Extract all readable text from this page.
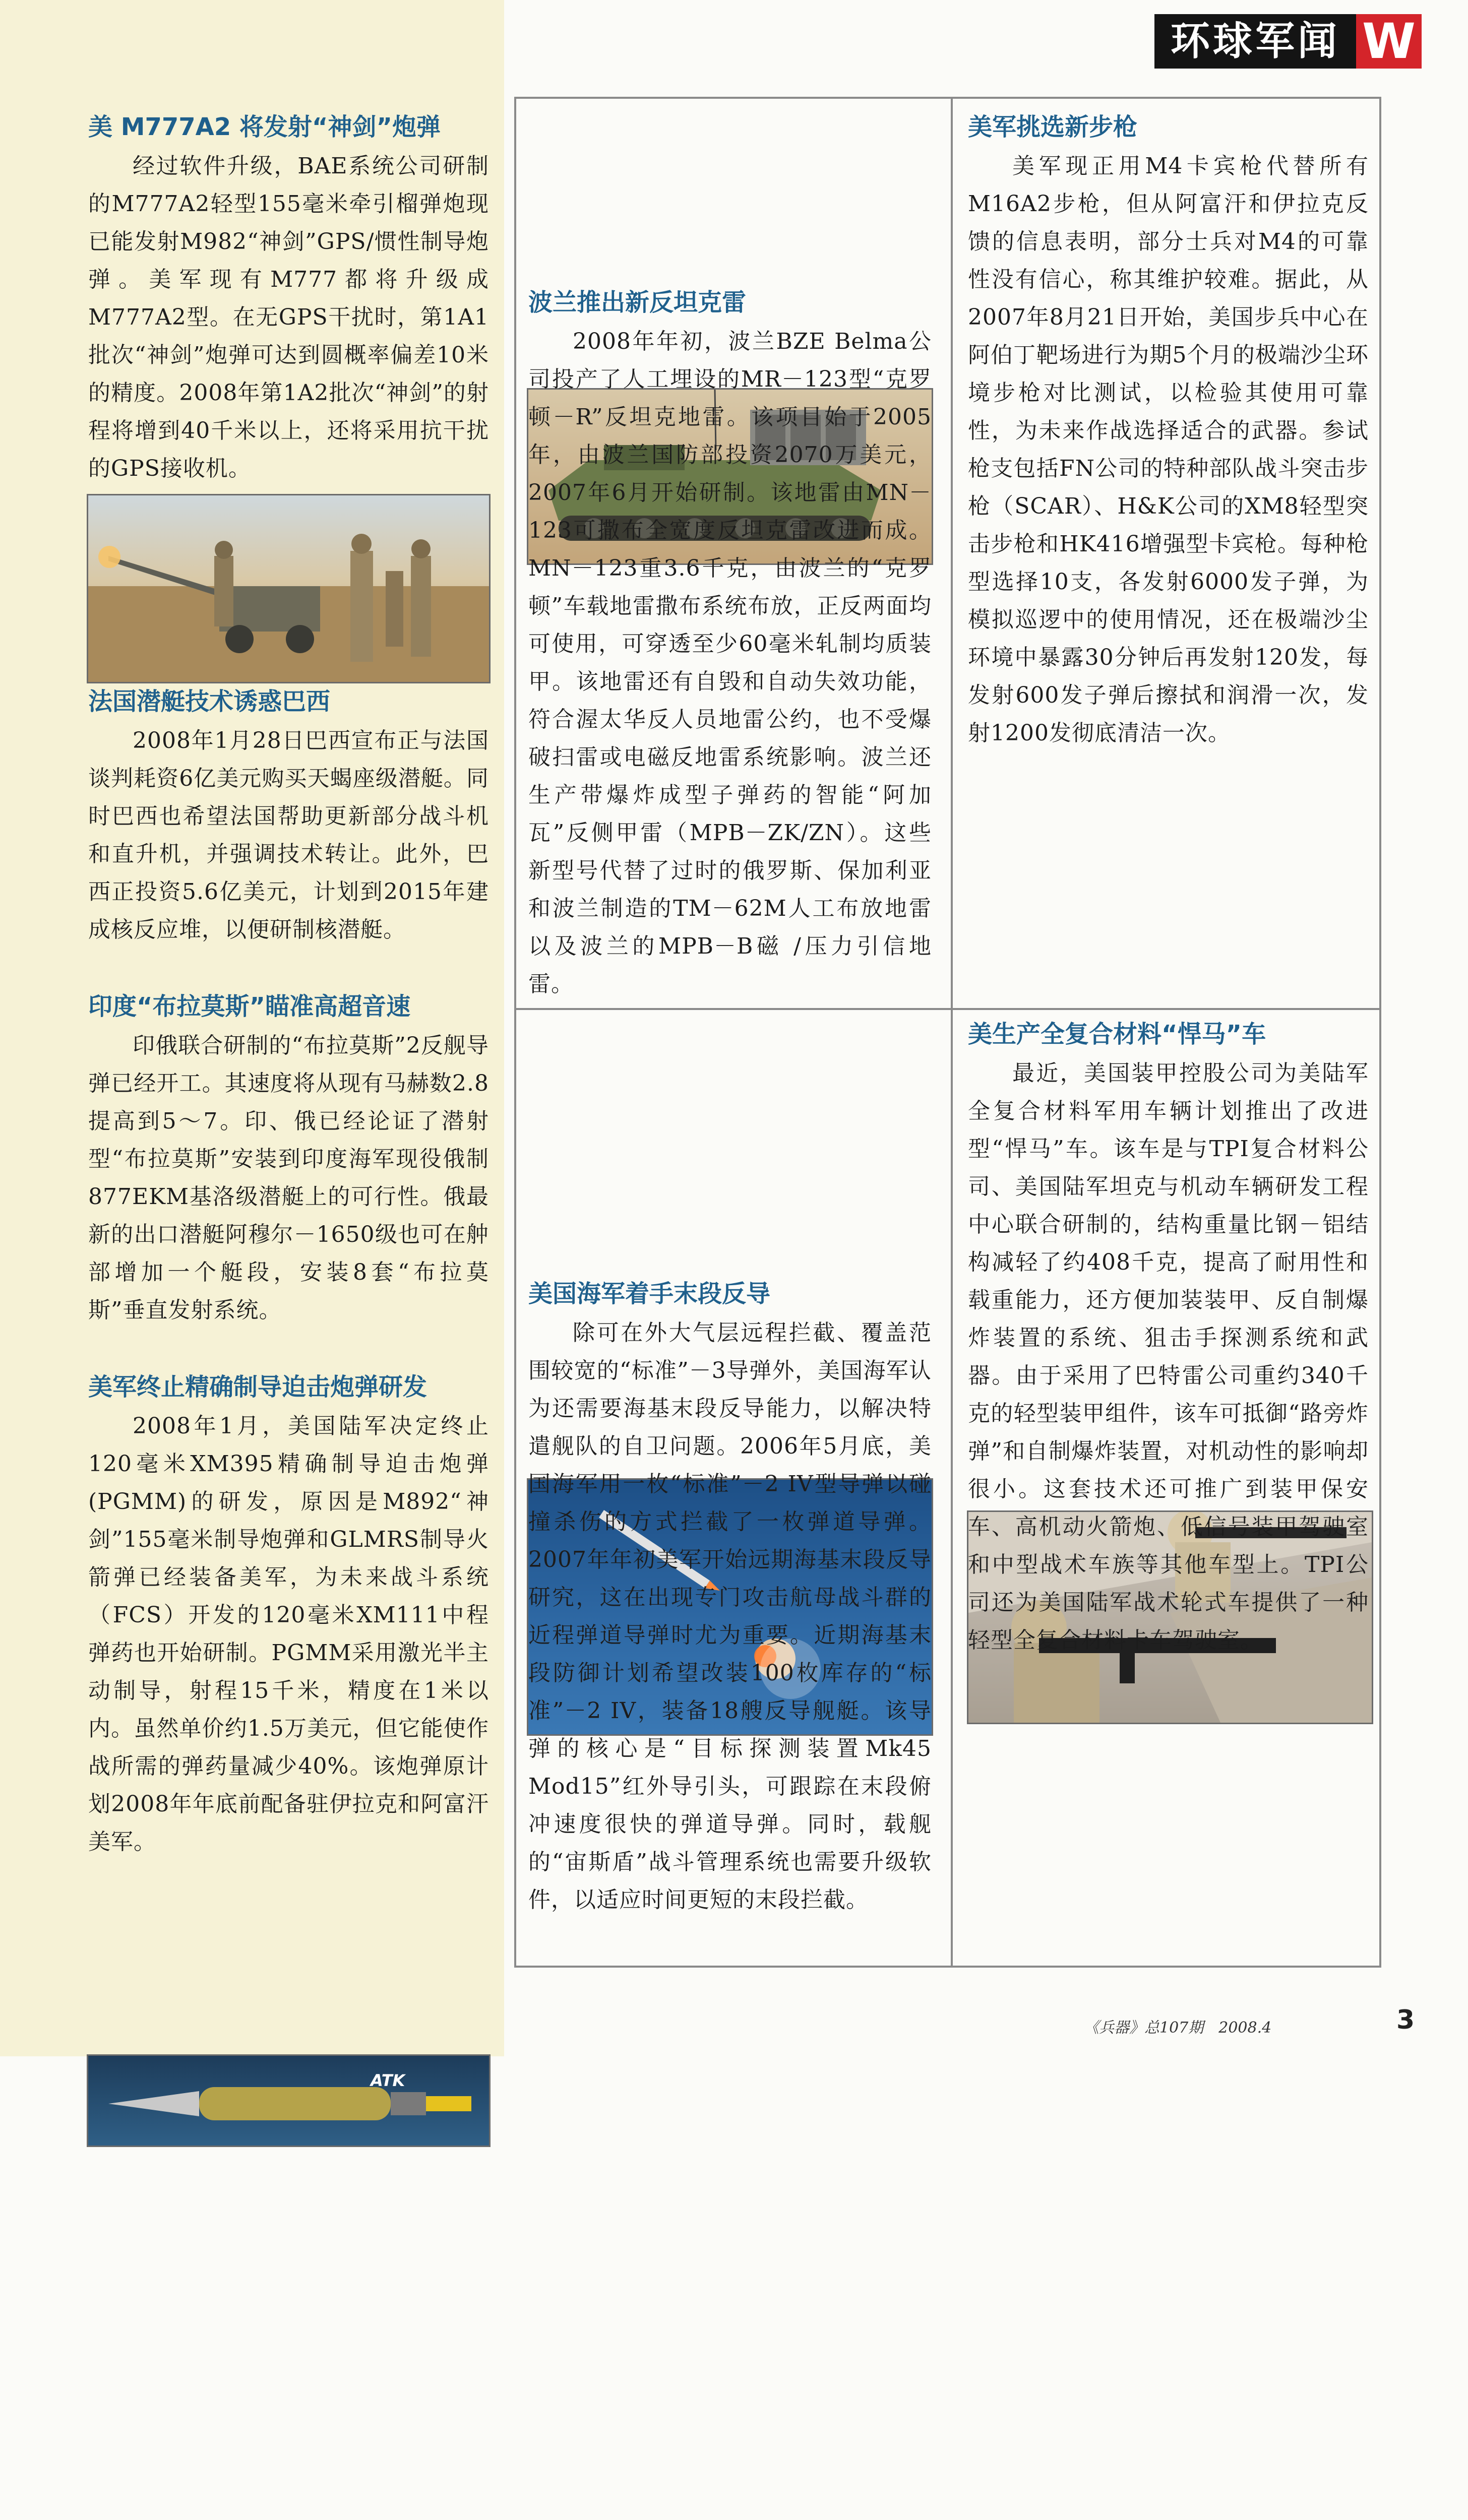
环球军闻 W
美 M777A2 将发射“神剑”炮弹

经过软件升级，BAE系统公司研制的M777A2轻型155毫米牵引榴弹炮现已能发射M982“神剑”GPS/惯性制导炮弹。美军现有M777都将升级成M777A2型。在无GPS干扰时，第1A1批次“神剑”炮弹可达到圆概率偏差10米的精度。2008年第1A2批次“神剑”的射程将增到40千米以上，还将采用抗干扰的GPS接收机。

法国潜艇技术诱惑巴西

2008年1月28日巴西宣布正与法国谈判耗资6亿美元购买天蝎座级潜艇。同时巴西也希望法国帮助更新部分战斗机和直升机，并强调技术转让。此外，巴西正投资5.6亿美元，计划到2015年建成核反应堆，以便研制核潜艇。

印度“布拉莫斯”瞄准高超音速

印俄联合研制的“布拉莫斯”2反舰导弹已经开工。其速度将从现有马赫数2.8提高到5～7。印、俄已经论证了潜射型“布拉莫斯”安装到印度海军现役俄制877EKM基洛级潜艇上的可行性。俄最新的出口潜艇阿穆尔－1650级也可在舯部增加一个艇段，安装8套“布拉莫斯”垂直发射系统。

美军终止精确制导迫击炮弹研发

2008年1月，美国陆军决定终止120毫米XM395精确制导迫击炮弹(PGMM)的研发，原因是M892“神剑”155毫米制导炮弹和GLMRS制导火箭弹已经装备美军，为未来战斗系统（FCS）开发的120毫米XM111中程弹药也开始研制。PGMM采用激光半主动制导，射程15千米，精度在1米以内。虽然单价约1.5万美元，但它能使作战所需的弹药量减少40%。该炮弹原计划2008年年底前配备驻伊拉克和阿富汗美军。

ATK
波兰推出新反坦克雷

2008年年初，波兰BZE Belma公司投产了人工埋设的MR－123型“克罗顿－R”反坦克地雷。该项目始于2005年，由波兰国防部投资2070万美元，2007年6月开始研制。该地雷由MN－123可撒布全宽度反坦克雷改进而成。MN－123重3.6千克，由波兰的“克罗顿”车载地雷撒布系统布放，正反两面均可使用，可穿透至少60毫米轧制均质装甲。该地雷还有自毁和自动失效功能，符合渥太华反人员地雷公约，也不受爆破扫雷或电磁反地雷系统影响。波兰还生产带爆炸成型子弹药的智能“阿加瓦”反侧甲雷（MPB－ZK/ZN）。这些新型号代替了过时的俄罗斯、保加利亚和波兰制造的TM－62M人工布放地雷以及波兰的MPB－B磁 /压力引信地雷。

美国海军着手末段反导

除可在外大气层远程拦截、覆盖范围较宽的“标准”－3导弹外，美国海军认为还需要海基末段反导能力，以解决特遣舰队的自卫问题。2006年5月底，美国海军用一枚“标准”－2 IV型导弹以碰撞杀伤的方式拦截了一枚弹道导弹。2007年年初美军开始远期海基末段反导研究，这在出现专门攻击航母战斗群的近程弹道导弹时尤为重要。近期海基末段防御计划希望改装100枚库存的“标准”－2 IV，装备18艘反导舰艇。该导弹的核心是“目标探测装置Mk45 Mod15”红外导引头，可跟踪在末段俯冲速度很快的弹道导弹。同时，载舰的“宙斯盾”战斗管理系统也需要升级软件，以适应时间更短的末段拦截。

美军挑选新步枪

美军现正用M4卡宾枪代替所有M16A2步枪，但从阿富汗和伊拉克反馈的信息表明，部分士兵对M4的可靠性没有信心，称其维护较难。据此，从2007年8月21日开始，美国步兵中心在阿伯丁靶场进行为期5个月的极端沙尘环境步枪对比测试，以检验其使用可靠性，为未来作战选择适合的武器。参试枪支包括FN公司的特种部队战斗突击步枪（SCAR）、H&K公司的XM8轻型突击步枪和HK416增强型卡宾枪。每种枪型选择10支，各发射6000发子弹，为模拟巡逻中的使用情况，还在极端沙尘环境中暴露30分钟后再发射120发，每发射600发子弹后擦拭和润滑一次，发射1200发彻底清洁一次。

美生产全复合材料“悍马”车

最近，美国装甲控股公司为美陆军全复合材料军用车辆计划推出了改进型“悍马”车。该车是与TPI复合材料公司、美国陆军坦克与机动车辆研发工程中心联合研制的，结构重量比钢－铝结构减轻了约408千克，提高了耐用性和载重能力，还方便加装装甲、反自制爆炸装置的系统、狙击手探测系统和武器。由于采用了巴特雷公司重约340千克的轻型装甲组件，该车可抵御“路旁炸弹”和自制爆炸装置，对机动性的影响却很小。这套技术还可推广到装甲保安车、高机动火箭炮、低信号装甲驾驶室和中型战术车族等其他车型上。TPI公司还为美国陆军战术轮式车提供了一种轻型全复合材料卡车驾驶室。

《兵器》总107期　2008.4	3
